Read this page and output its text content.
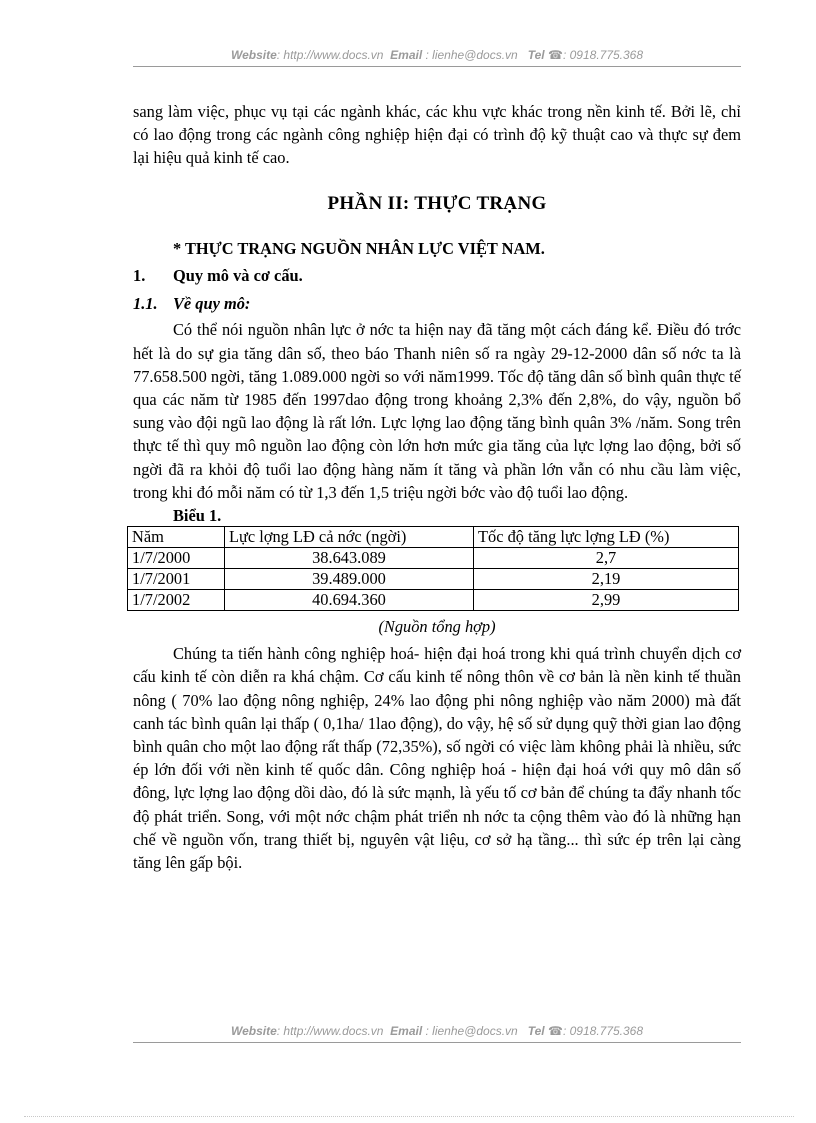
Website: http://www.docs.vn Email : lienhe@docs.vn Tel ☎: 0918.775.368

sang làm việc, phục vụ tại các ngành khác, các khu vực khác trong nền kinh tế. Bởi lẽ, chỉ có lao động trong các ngành công nghiệp hiện đại có trình độ kỹ thuật cao và thực sự đem lại hiệu quả kinh tế cao.

PHẦN II: THỰC TRẠNG
* THỰC TRẠNG NGUỒN NHÂN LỰC VIỆT NAM.
1. Quy mô và cơ cấu.
1.1. Về quy mô:

Có thể nói nguồn nhân lực ở nớc ta hiện nay đã tăng một cách đáng kể. Điều đó trớc hết là do sự gia tăng dân số, theo báo Thanh niên số ra ngày 29-12-2000 dân số nớc ta là 77.658.500 ngời, tăng 1.089.000 ngời so với năm1999. Tốc độ tăng dân số bình quân thực tế qua các năm từ 1985 đến 1997dao động trong khoảng 2,3% đến 2,8%, do vậy, nguồn bổ sung vào đội ngũ lao động là rất lớn. Lực lợng lao động tăng bình quân 3% /năm. Song trên thực tế thì quy mô nguồn lao động còn lớn hơn mức gia tăng của lực lợng lao động, bởi số ngời đã ra khỏi độ tuổi lao động hàng năm ít tăng và phần lớn vẫn có nhu cầu làm việc, trong khi đó mỗi năm có từ 1,3 đến 1,5 triệu ngời bớc vào độ tuổi lao động.

Biểu 1.
Năm	Lực lợng LĐ cả nớc (ngời)	Tốc độ tăng lực lợng LĐ (%)
1/7/2000	38.643.089	2,7
1/7/2001	39.489.000	2,19
1/7/2002	40.694.360	2,99
(Nguồn tổng hợp)

Chúng ta tiến hành công nghiệp hoá- hiện đại hoá trong khi quá trình chuyển dịch cơ cấu kinh tế còn diễn ra khá chậm. Cơ cấu kinh tế nông thôn về cơ bản là nền kinh tế thuần nông ( 70% lao động nông nghiệp, 24% lao động phi nông nghiệp vào năm 2000) mà đất canh tác bình quân lại thấp ( 0,1ha/ 1lao động), do vậy, hệ số sử dụng quỹ thời gian lao động bình quân cho một lao động rất thấp (72,35%), số ngời có việc làm không phải là nhiều, sức ép lớn đối với nền kinh tế quốc dân. Công nghiệp hoá - hiện đại hoá với quy mô dân số đông, lực lợng lao động dồi dào, đó là sức mạnh, là yếu tố cơ bản để chúng ta đẩy nhanh tốc độ phát triển. Song, với một nớc chậm phát triển nh nớc ta cộng thêm vào đó là những hạn chế về nguồn vốn, trang thiết bị, nguyên vật liệu, cơ sở hạ tầng... thì sức ép trên lại càng tăng lên gấp bội.

Website: http://www.docs.vn Email : lienhe@docs.vn Tel ☎: 0918.775.368
